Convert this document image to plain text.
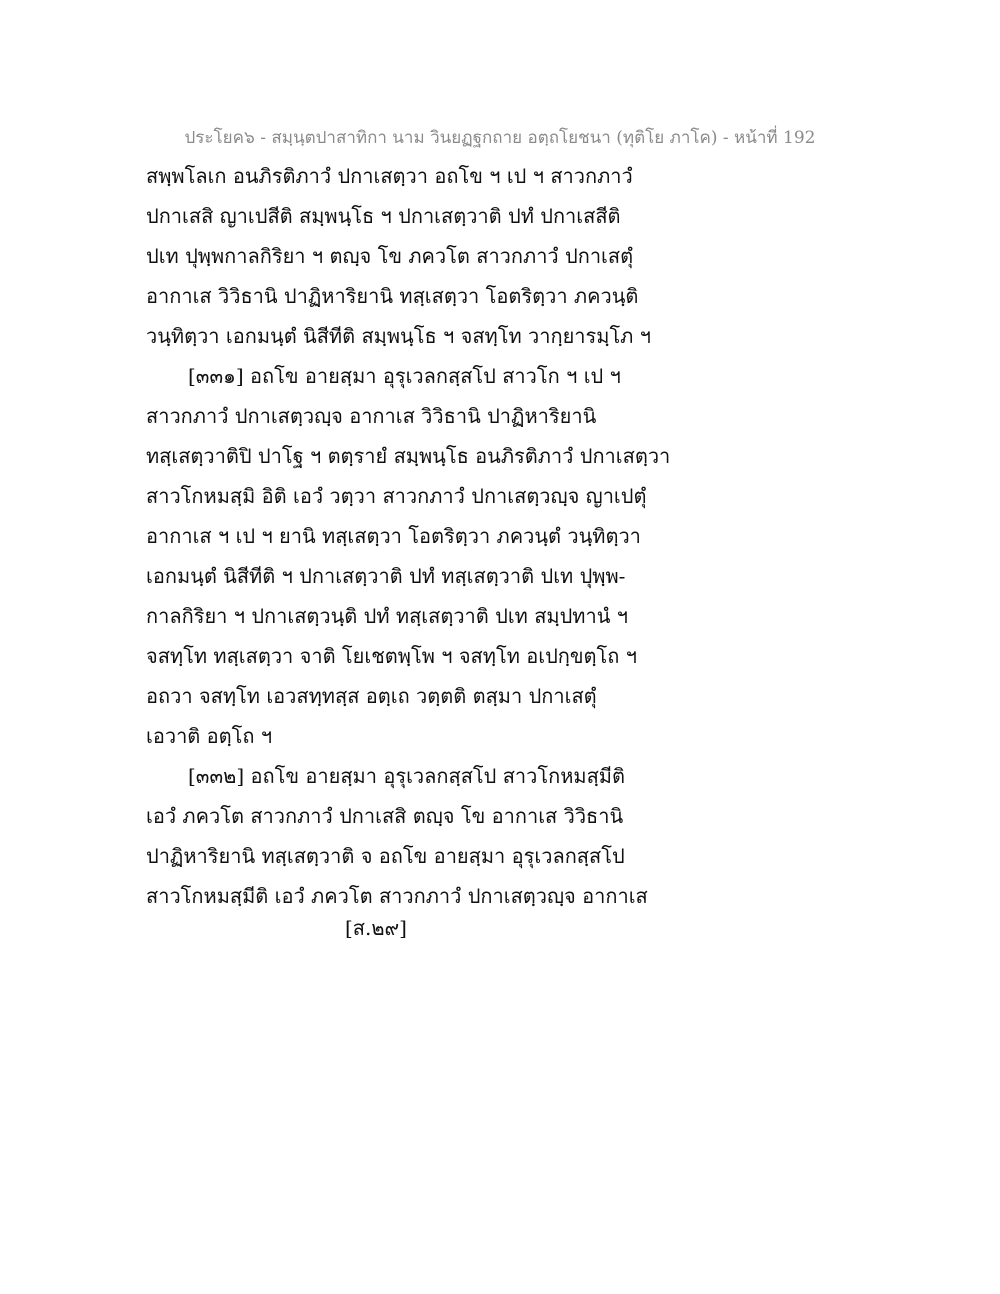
ประโยค๖ - สมฺนฺตปาสาทิกา นาม วินยฏฐกถาย อตฺถโยชนา (ทุติโย ภาโค) - หน้าที่ 192
สพฺพโลเก อนภิรติภาวํ ปกาเสตฺวา อถโข ฯ เป ฯ สาวกภาวํ
ปกาเสสิ ญาเปสีติ สมฺพนฺโธ ฯ ปกาเสตฺวาติ ปทํ ปกาเสสีติ
ปเท ปุพฺพกาลกิริยา ฯ ตญฺจ โข ภควโต สาวกภาวํ ปกาเสตุํ
อากาเส วิวิธานิ ปาฏิหาริยานิ ทสฺเสตฺวา โอตริตฺวา ภควนฺติ
วนฺทิตฺวา เอกมนฺตํ นิสีทีติ สมฺพนฺโธ ฯ จสทฺโท วากฺยารมฺโภ ฯ
[๓๓๑] อถโข อายสฺมา อุรุเวลกสฺสโป สาวโก ฯ เป ฯ
สาวกภาวํ ปกาเสตฺวญฺจ อากาเส วิวิธานิ ปาฏิหาริยานิ
ทสฺเสตฺวาติปิ ปาโฐ ฯ ตตฺรายํ สมฺพนฺโธ อนภิรติภาวํ ปกาเสตฺวา
สาวโกหมสฺมิ อิติ เอวํ วตฺวา สาวกภาวํ ปกาเสตฺวญฺจ ญาเปตุํ
อากาเส ฯ เป ฯ ยานิ ทสฺเสตฺวา โอตริตฺวา ภควนฺตํ วนฺทิตฺวา
เอกมนฺตํ นิสีทีติ ฯ ปกาเสตฺวาติ ปทํ ทสฺเสตฺวาติ ปเท ปุพฺพ-
กาลกิริยา ฯ ปกาเสตฺวนฺติ ปทํ ทสฺเสตฺวาติ ปเท สมฺปทานํ ฯ
จสทฺโท ทสฺเสตฺวา จาติ โยเชตพฺโพ ฯ จสทฺโท อเปกฺขตฺโถ ฯ
อถวา จสทฺโท เอวสทฺทสฺส อตฺเถ วตฺตติ ตสฺมา ปกาเสตุํ
เอวาติ อตฺโถ ฯ
[๓๓๒] อถโข อายสฺมา อุรุเวลกสฺสโป สาวโกหมสฺมีติ
เอวํ ภควโต สาวกภาวํ ปกาเสสิ ตญฺจ โข อากาเส วิวิธานิ
ปาฏิหาริยานิ ทสฺเสตฺวาติ จ อถโข อายสฺมา อุรุเวลกสฺสโป
สาวโกหมสฺมีติ เอวํ ภควโต สาวกภาวํ ปกาเสตฺวญฺจ อากาเส
[ส.๒๙]
